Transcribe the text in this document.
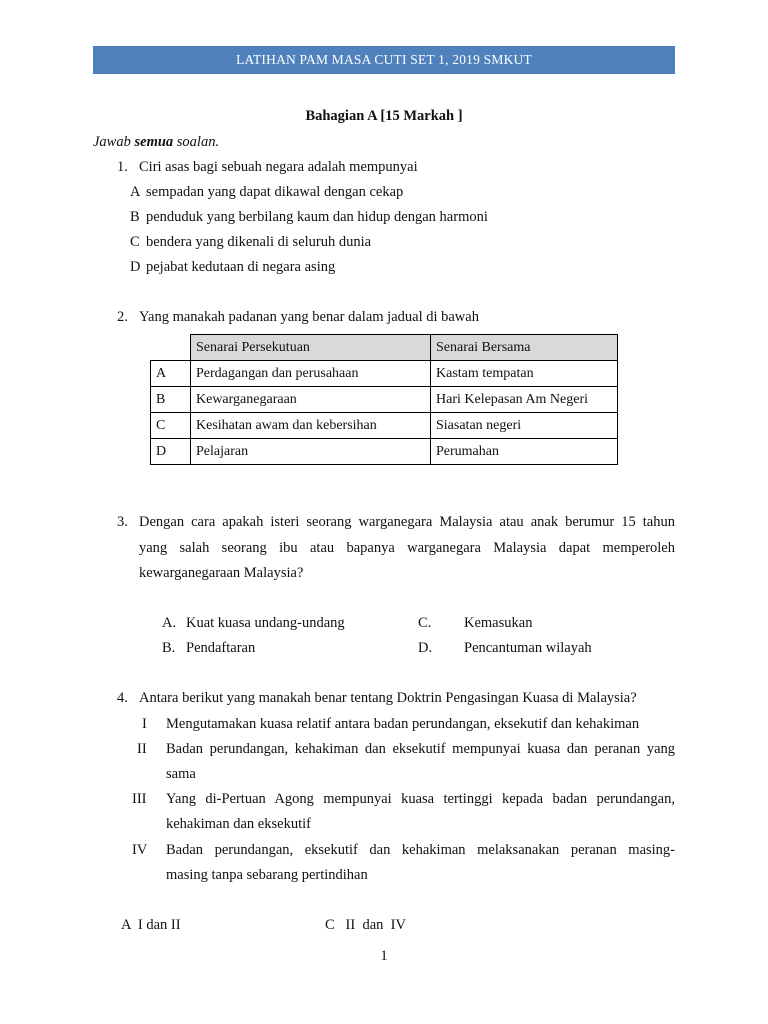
LATIHAN PAM MASA CUTI SET 1, 2019 SMKUT
Bahagian A [15 Markah ]
Jawab semua soalan.
1. Ciri asas bagi sebuah negara adalah mempunyai
A sempadan yang dapat dikawal dengan cekap
B penduduk yang berbilang kaum dan hidup dengan harmoni
C bendera yang dikenali di seluruh dunia
D pejabat kedutaan di negara asing
2. Yang manakah padanan yang benar dalam jadual di bawah
	Senarai Persekutuan	Senarai Bersama
A	Perdagangan dan perusahaan	Kastam tempatan
B	Kewarganegaraan	Hari Kelepasan Am Negeri
C	Kesihatan awam dan kebersihan	Siasatan negeri
D	Pelajaran	Perumahan
3. Dengan cara apakah isteri seorang warganegara Malaysia atau anak berumur 15 tahun
yang salah seorang ibu atau bapanya warganegara Malaysia dapat memperoleh
kewarganegaraan Malaysia?
A. Kuat kuasa undang-undang
B. Pendaftaran
C. Kemasukan
D. Pencantuman wilayah
4. Antara berikut yang manakah benar tentang Doktrin Pengasingan Kuasa di Malaysia?
I Mengutamakan kuasa relatif antara badan perundangan, eksekutif dan kehakiman
II Badan perundangan, kehakiman dan eksekutif mempunyai kuasa dan peranan yang
sama
III Yang di-Pertuan Agong mempunyai kuasa tertinggi kepada badan perundangan,
kehakiman dan eksekutif
IV Badan perundangan, eksekutif dan kehakiman melaksanakan peranan masing-
masing tanpa sebarang pertindihan
A  I dan II	C   II  dan  IV
1
